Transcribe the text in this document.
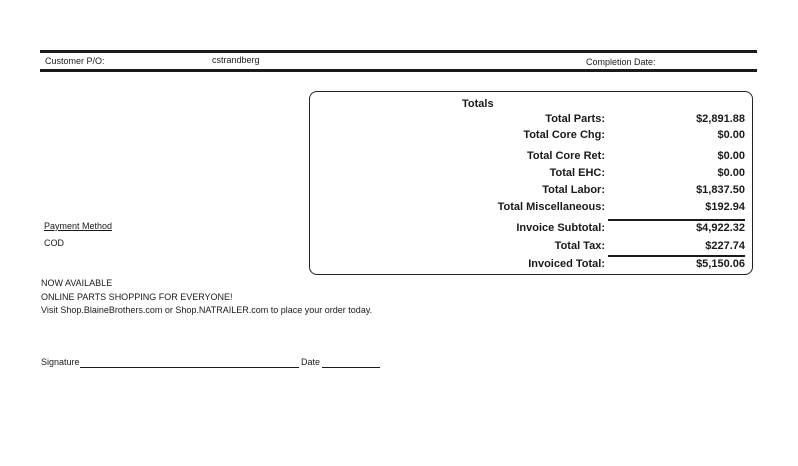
Customer P/O:	cstrandberg	Completion Date:
Totals
Total Parts:	$2,891.88
Total Core Chg:	$0.00
Total Core Ret:	$0.00
Total EHC:	$0.00
Total Labor:	$1,837.50
Total Miscellaneous:	$192.94
Invoice Subtotal:	$4,922.32
Total Tax:	$227.74
Invoiced Total:	$5,150.06
Payment Method
COD
NOW AVAILABLE
ONLINE PARTS SHOPPING FOR EVERYONE!
Visit Shop.BlaineBrothers.com or Shop.NATRAILER.com to place your order today.
Signature	Date
